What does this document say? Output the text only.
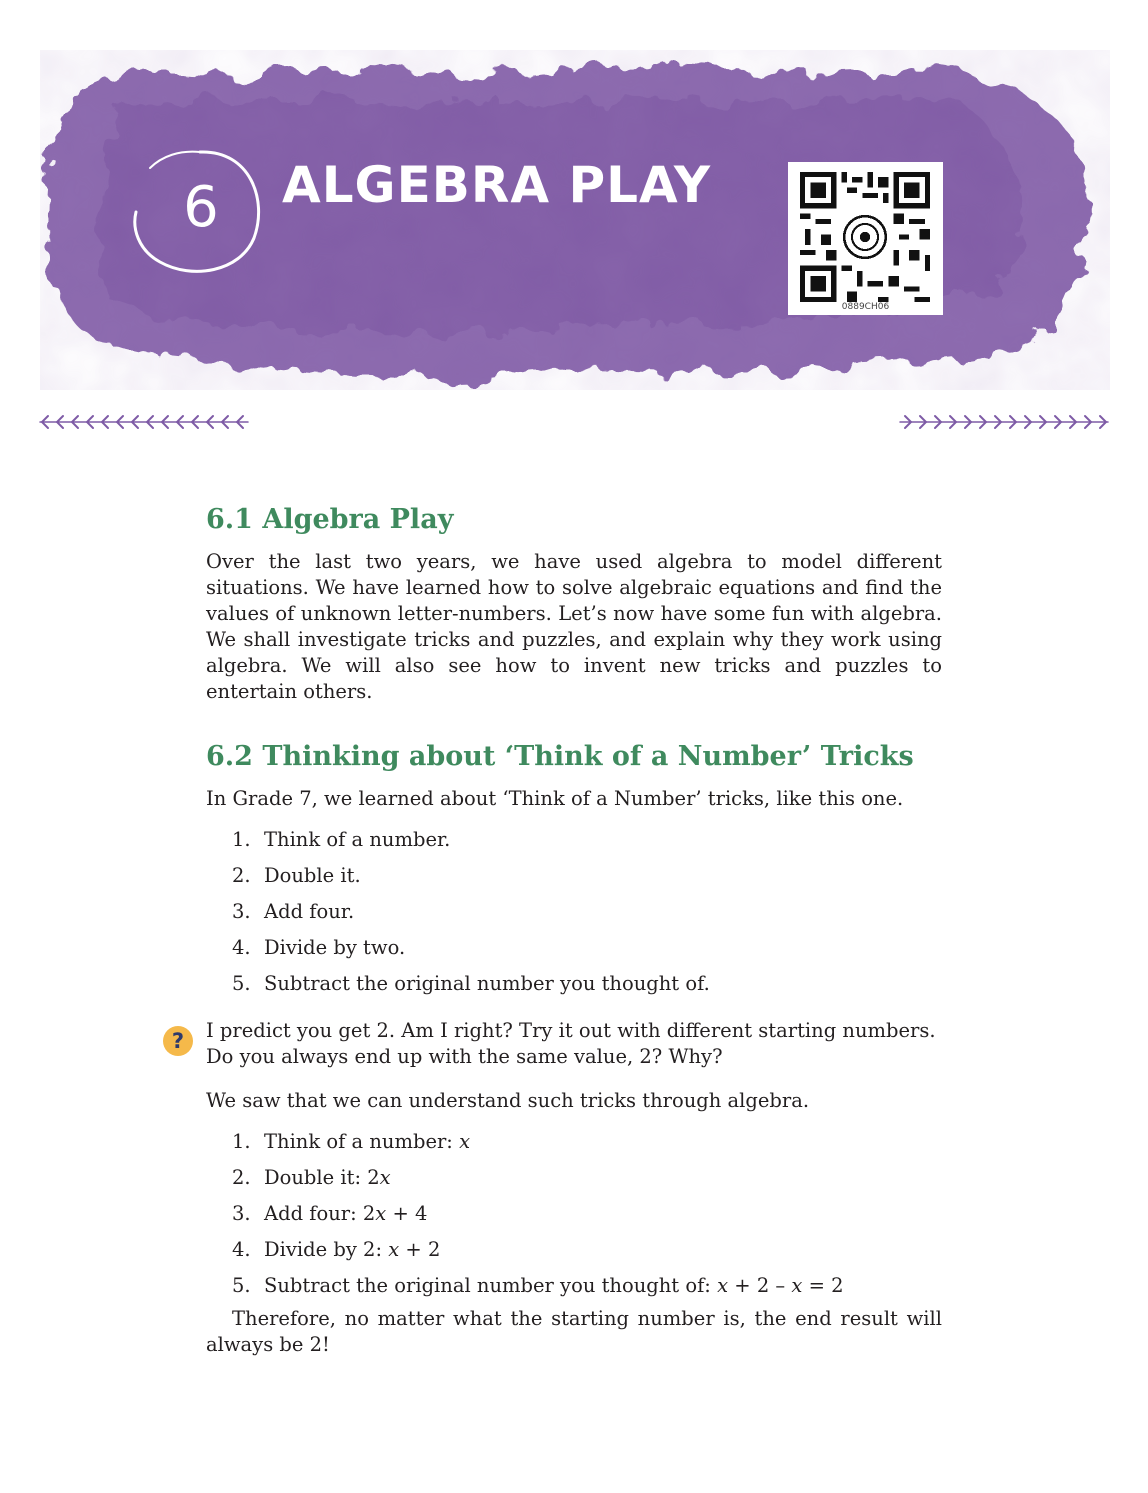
6 ALGEBRA PLAY
0889CH06
?
6.1 Algebra Play

Over the last two years, we have used algebra to model different situations. We have learned how to solve algebraic equations and find the values of unknown letter-numbers. Let’s now have some fun with algebra. We shall investigate tricks and puzzles, and explain why they work using algebra. We will also see how to invent new tricks and puzzles to entertain others.

6.2 Thinking about ‘Think of a Number’ Tricks

In Grade 7, we learned about ‘Think of a Number’ tricks, like this one.

1. Think of a number.
2. Double it.
3. Add four.
4. Divide by two.
5. Subtract the original number you thought of.

I predict you get 2. Am I right? Try it out with different starting numbers. Do you always end up with the same value, 2? Why?

We saw that we can understand such tricks through algebra.

1. Think of a number: x
2. Double it: 2x
3. Add four: 2x + 4
4. Divide by 2: x + 2
5. Subtract the original number you thought of: x + 2 – x = 2

Therefore, no matter what the starting number is, the end result will always be 2!
